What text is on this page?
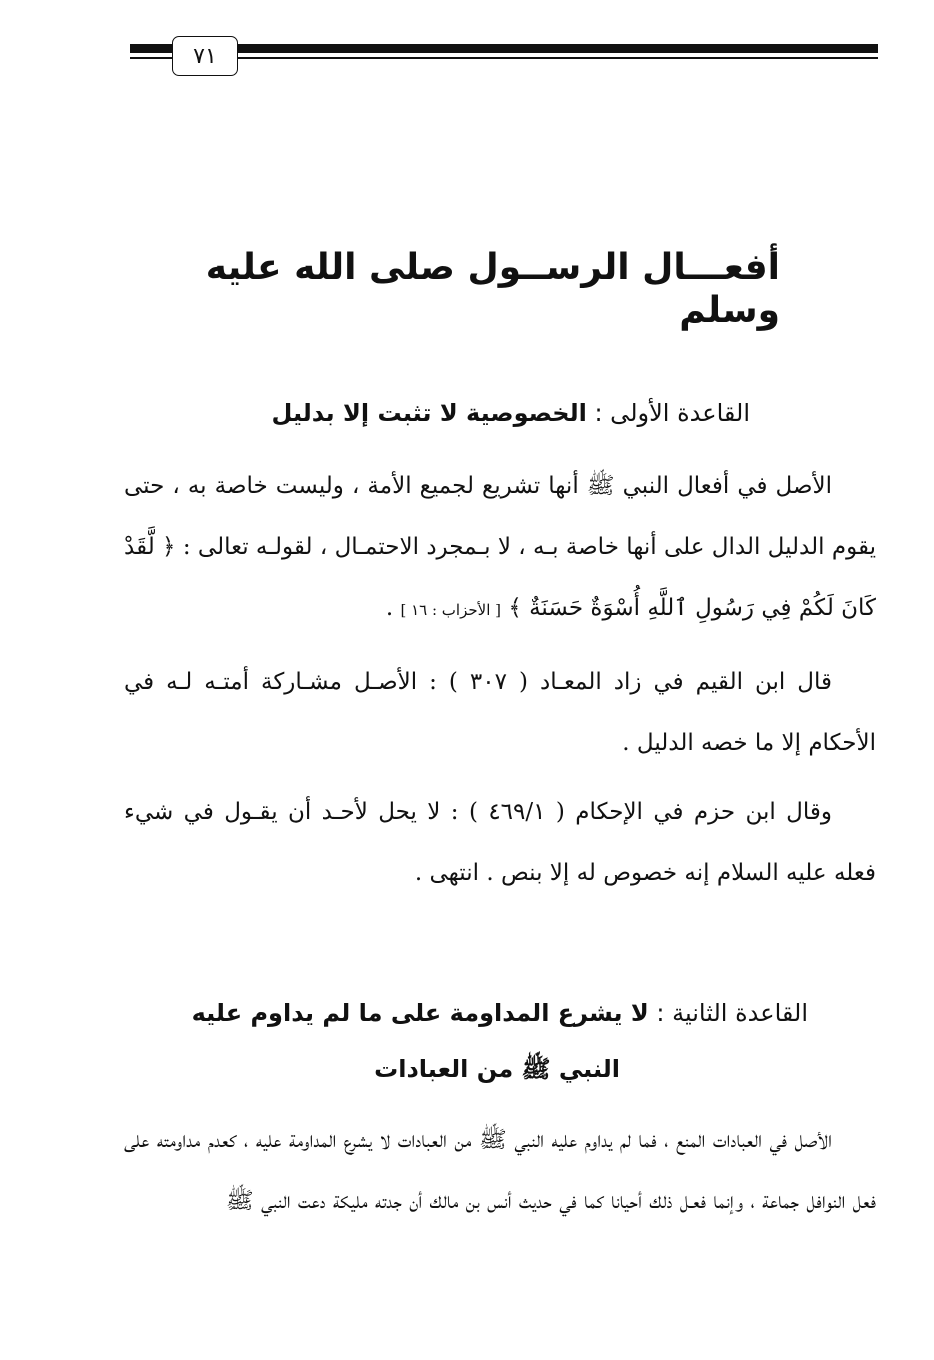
٧١
أفعـــال الرســول صلى الله عليه وسلم
القاعدة الأولى : الخصوصية لا تثبت إلا بدليل

الأصل في أفعال النبي ﷺ أنها تشريع لجميع الأمة ، وليست خاصة به ، حتى يقوم الدليل الدال على أنها خاصة بـه ، لا بـمجرد الاحتمـال ، لقولـه تعالى : ﴿ لَّقَدْ كَانَ لَكُمْ فِي رَسُولِ ٱللَّهِ أُسْوَةٌ حَسَنَةٌ ﴾ [ الأحزاب : ١٦ ] .

قال ابن القيم في زاد المعـاد ( ٣٠٧ ) : الأصـل مشـاركة أمتـه لـه في الأحكام إلا ما خصه الدليل .

وقال ابن حزم في الإحكام ( ٤٦٩/١ ) : لا يحل لأحـد أن يقـول في شيء فعله عليه السلام إنه خصوص له إلا بنص . انتهى .

القاعدة الثانية : لا يشرع المداومة على ما لم يداوم عليه
النبي ﷺ من العبادات

الأصل في العبادات المنع ، فما لم يداوم عليه النبي ﷺ من العبادات لا يشرع المداومة عليه ، كعدم مداومته على فعل النوافل جماعة ، وإنما فعـل ذلك أحيانا كما في حديث أنس بن مالك أن جدته مليكة دعت النبي ﷺ
